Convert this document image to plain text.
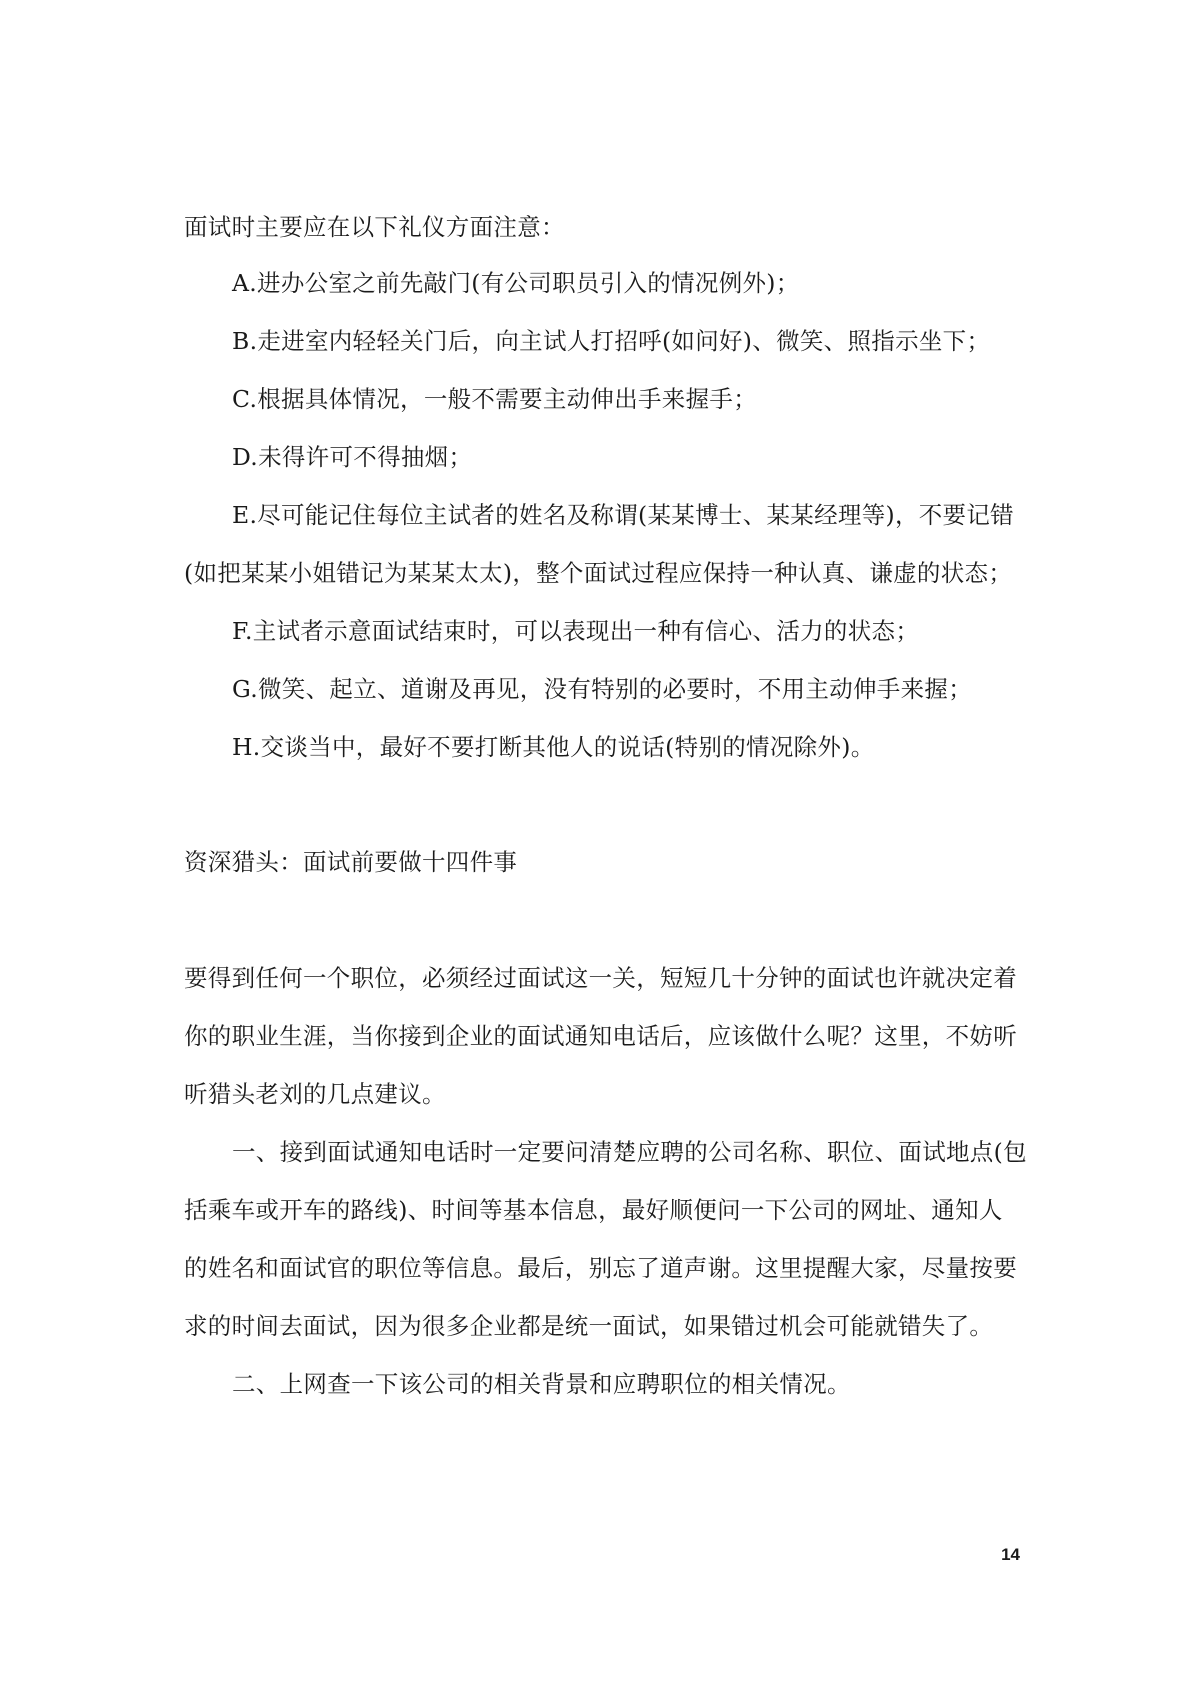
面试时主要应在以下礼仪方面注意：
A.进办公室之前先敲门(有公司职员引入的情况例外)；
B.走进室内轻轻关门后，向主试人打招呼(如问好)、微笑、照指示坐下；
C.根据具体情况，一般不需要主动伸出手来握手；
D.未得许可不得抽烟；
E.尽可能记住每位主试者的姓名及称谓(某某博士、某某经理等)，不要记错
(如把某某小姐错记为某某太太)，整个面试过程应保持一种认真、谦虚的状态；
F.主试者示意面试结束时，可以表现出一种有信心、活力的状态；
G.微笑、起立、道谢及再见，没有特别的必要时，不用主动伸手来握；
H.交谈当中，最好不要打断其他人的说话(特别的情况除外)。
资深猎头：面试前要做十四件事
要得到任何一个职位，必须经过面试这一关，短短几十分钟的面试也许就决定着
你的职业生涯，当你接到企业的面试通知电话后，应该做什么呢？这里，不妨听
听猎头老刘的几点建议。
一、接到面试通知电话时一定要问清楚应聘的公司名称、职位、面试地点(包
括乘车或开车的路线)、时间等基本信息，最好顺便问一下公司的网址、通知人
的姓名和面试官的职位等信息。最后，别忘了道声谢。这里提醒大家，尽量按要
求的时间去面试，因为很多企业都是统一面试，如果错过机会可能就错失了。
二、上网查一下该公司的相关背景和应聘职位的相关情况。
14
